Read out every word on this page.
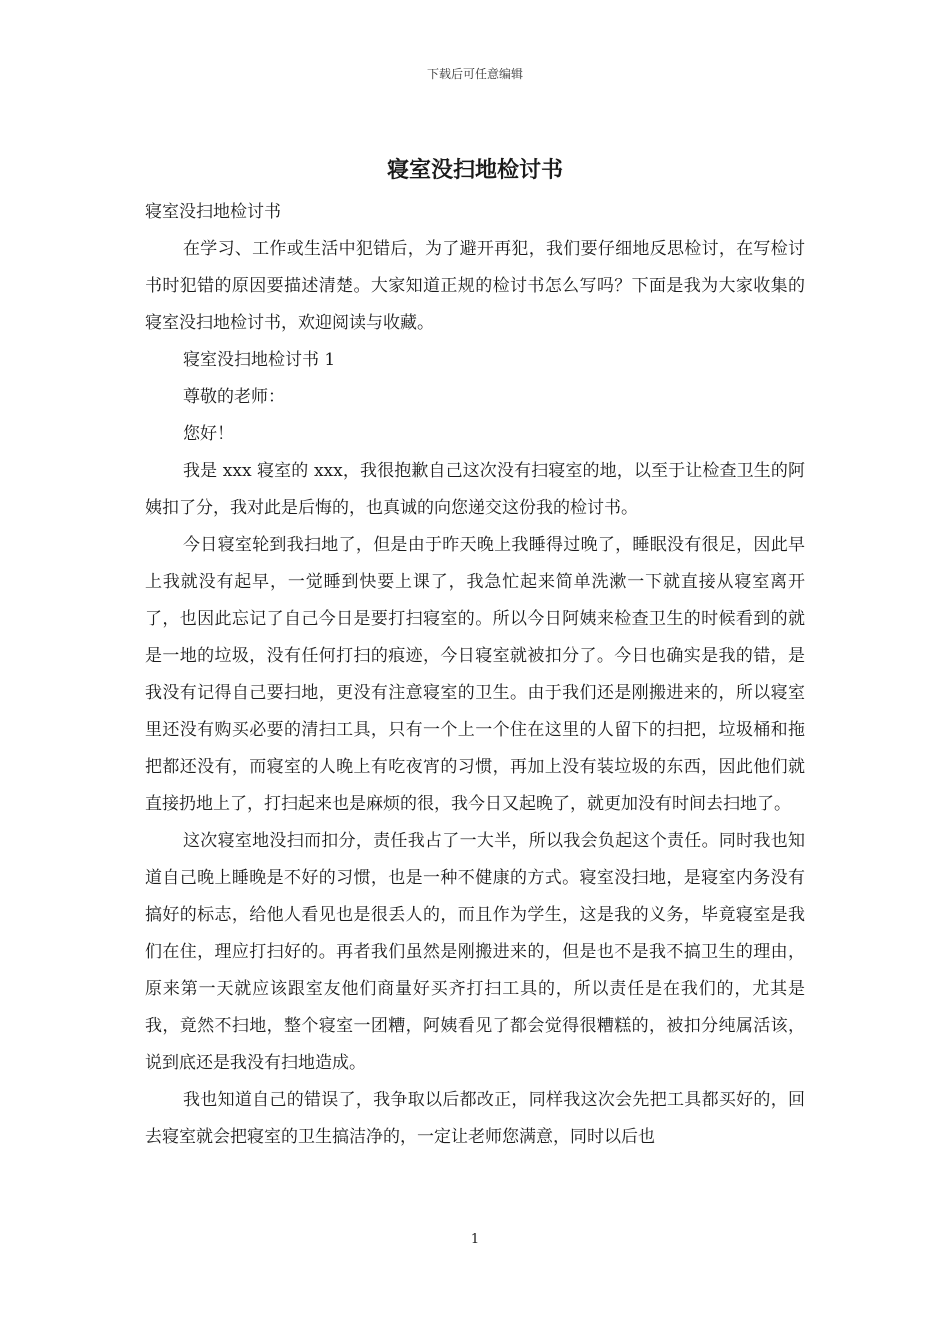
下载后可任意编辑
寝室没扫地检讨书

寝室没扫地检讨书

在学习、工作或生活中犯错后，为了避开再犯，我们要仔细地反思检讨，在写检讨书时犯错的原因要描述清楚。大家知道正规的检讨书怎么写吗？下面是我为大家收集的寝室没扫地检讨书，欢迎阅读与收藏。

寝室没扫地检讨书 1

尊敬的老师：

您好！

我是 xxx 寝室的 xxx，我很抱歉自己这次没有扫寝室的地，以至于让检查卫生的阿姨扣了分，我对此是后悔的，也真诚的向您递交这份我的检讨书。

今日寝室轮到我扫地了，但是由于昨天晚上我睡得过晚了，睡眠没有很足，因此早上我就没有起早，一觉睡到快要上课了，我急忙起来简单洗漱一下就直接从寝室离开了，也因此忘记了自己今日是要打扫寝室的。所以今日阿姨来检查卫生的时候看到的就是一地的垃圾，没有任何打扫的痕迹，今日寝室就被扣分了。今日也确实是我的错，是我没有记得自己要扫地，更没有注意寝室的卫生。由于我们还是刚搬进来的，所以寝室里还没有购买必要的清扫工具，只有一个上一个住在这里的人留下的扫把，垃圾桶和拖把都还没有，而寝室的人晚上有吃夜宵的习惯，再加上没有装垃圾的东西，因此他们就直接扔地上了，打扫起来也是麻烦的很，我今日又起晚了，就更加没有时间去扫地了。

这次寝室地没扫而扣分，责任我占了一大半，所以我会负起这个责任。同时我也知道自己晚上睡晚是不好的习惯，也是一种不健康的方式。寝室没扫地，是寝室内务没有搞好的标志，给他人看见也是很丢人的，而且作为学生，这是我的义务，毕竟寝室是我们在住，理应打扫好的。再者我们虽然是刚搬进来的，但是也不是我不搞卫生的理由，原来第一天就应该跟室友他们商量好买齐打扫工具的，所以责任是在我们的，尤其是我，竟然不扫地，整个寝室一团糟，阿姨看见了都会觉得很糟糕的，被扣分纯属活该，说到底还是我没有扫地造成。

我也知道自己的错误了，我争取以后都改正，同样我这次会先把工具都买好的，回去寝室就会把寝室的卫生搞洁净的，一定让老师您满意，同时以后也

1
